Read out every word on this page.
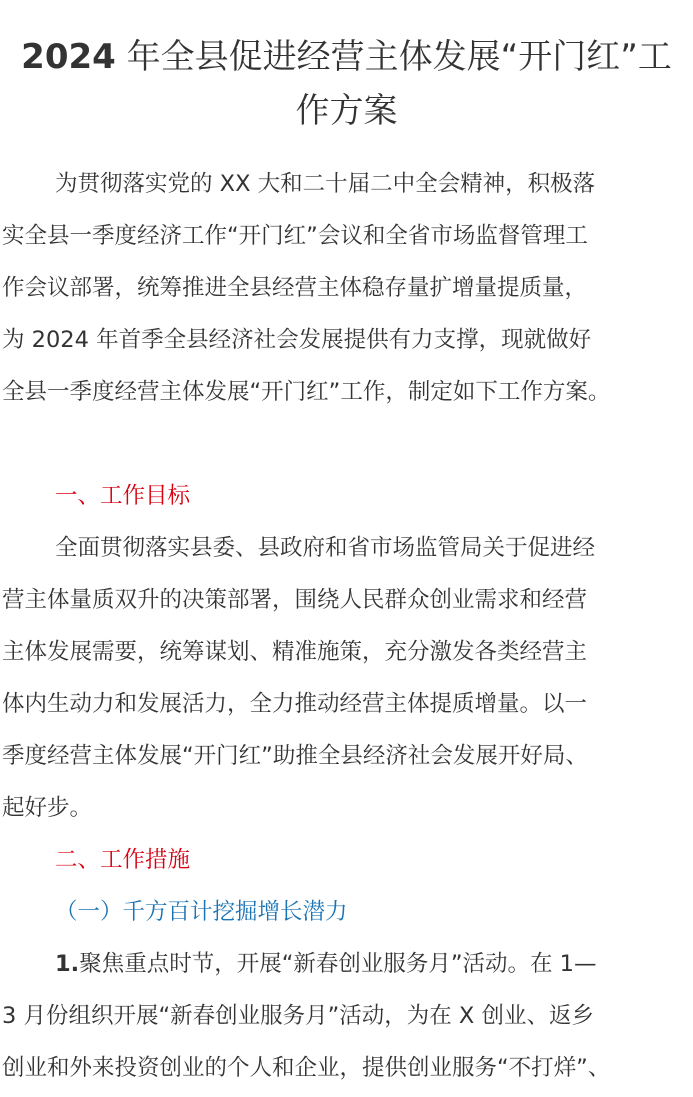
2024 年全县促进经营主体发展“开门红”工
作方案
为贯彻落实党的 XX 大和二十届二中全会精神，积极落
实全县一季度经济工作“开门红”会议和全省市场监督管理工
作会议部署，统筹推进全县经营主体稳存量扩增量提质量，
为 2024 年首季全县经济社会发展提供有力支撑，现就做好
全县一季度经营主体发展“开门红”工作，制定如下工作方案。
一、工作目标
全面贯彻落实县委、县政府和省市场监管局关于促进经
营主体量质双升的决策部署，围绕人民群众创业需求和经营
主体发展需要，统筹谋划、精准施策，充分激发各类经营主
体内生动力和发展活力，全力推动经营主体提质增量。以一
季度经营主体发展“开门红”助推全县经济社会发展开好局、
起好步。
二、工作措施
（一）千方百计挖掘增长潜力
1.聚焦重点时节，开展“新春创业服务月”活动。在 1—
3 月份组织开展“新春创业服务月”活动，为在 X 创业、返乡
创业和外来投资创业的个人和企业，提供创业服务“不打烊”、
